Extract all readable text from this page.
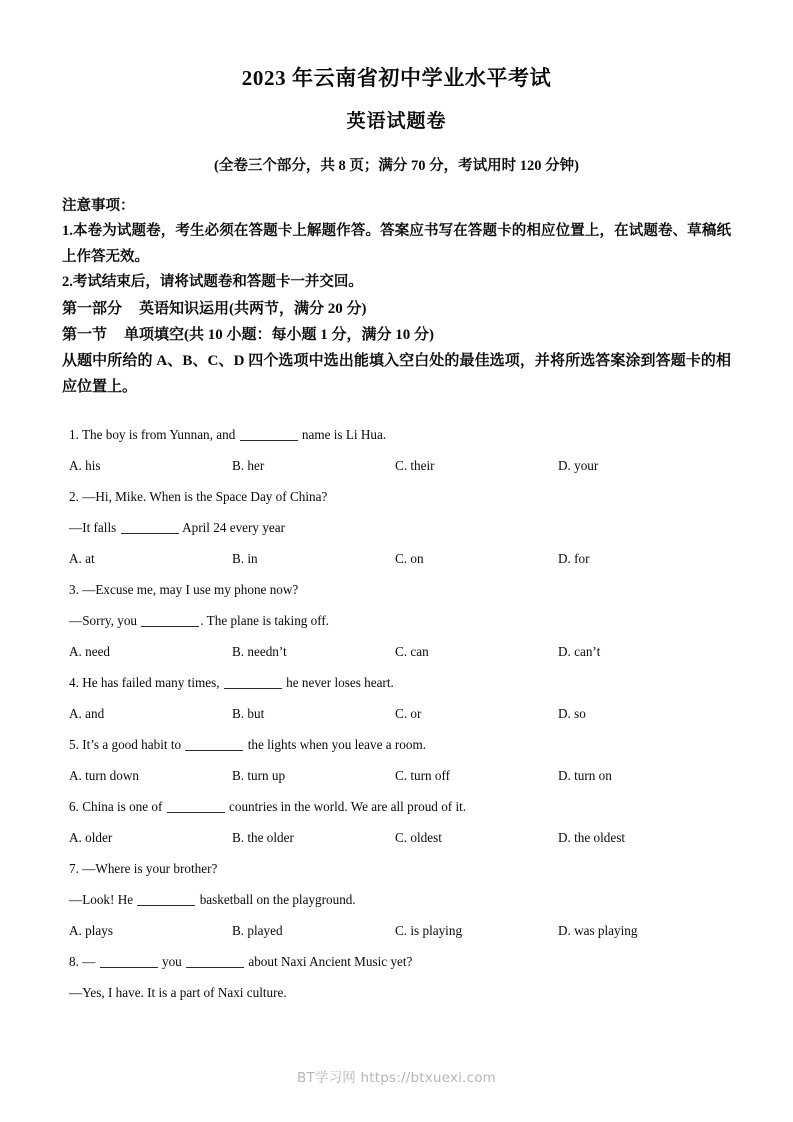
2023 年云南省初中学业水平考试
英语试题卷

(全卷三个部分，共 8 页；满分 70 分，考试用时 120 分钟)

注意事项：

1.本卷为试题卷，考生必须在答题卡上解题作答。答案应书写在答题卡的相应位置上，在试题卷、草稿纸上作答无效。

2.考试结束后，请将试题卷和答题卡一并交回。

第一部分 英语知识运用(共两节，满分 20 分)

第一节 单项填空(共 10 小题：每小题 1 分，满分 10 分)

从题中所给的 A、B、C、D 四个选项中选出能填入空白处的最佳选项，并将所选答案涂到答题卡的相应位置上。

1. The boy is from Yunnan, and	name is Li Hua.

A. his	B. her	C. their	D. your

2. —Hi, Mike. When is the Space Day of China?

—It falls	April 24 every year

A. at	B. in	C. on	D. for

3. —Excuse me, may I use my phone now?

—Sorry, you	. The plane is taking off.

A. need	B. needn’t	C. can	D. can’t

4. He has failed many times,	he never loses heart.

A. and	B. but	C. or	D. so

5. It’s a good habit to	the lights when you leave a room.

A. turn down	B. turn up	C. turn off	D. turn on

6. China is one of	countries in the world. We are all proud of it.

A. older	B. the older	C. oldest	D. the oldest

7. —Where is your brother?

—Look! He	basketball on the playground.

A. plays	B. played	C. is playing	D. was playing

8. —	you	about Naxi Ancient Music yet?

—Yes, I have. It is a part of Naxi culture.

BT学习网 https://btxuexi.com
